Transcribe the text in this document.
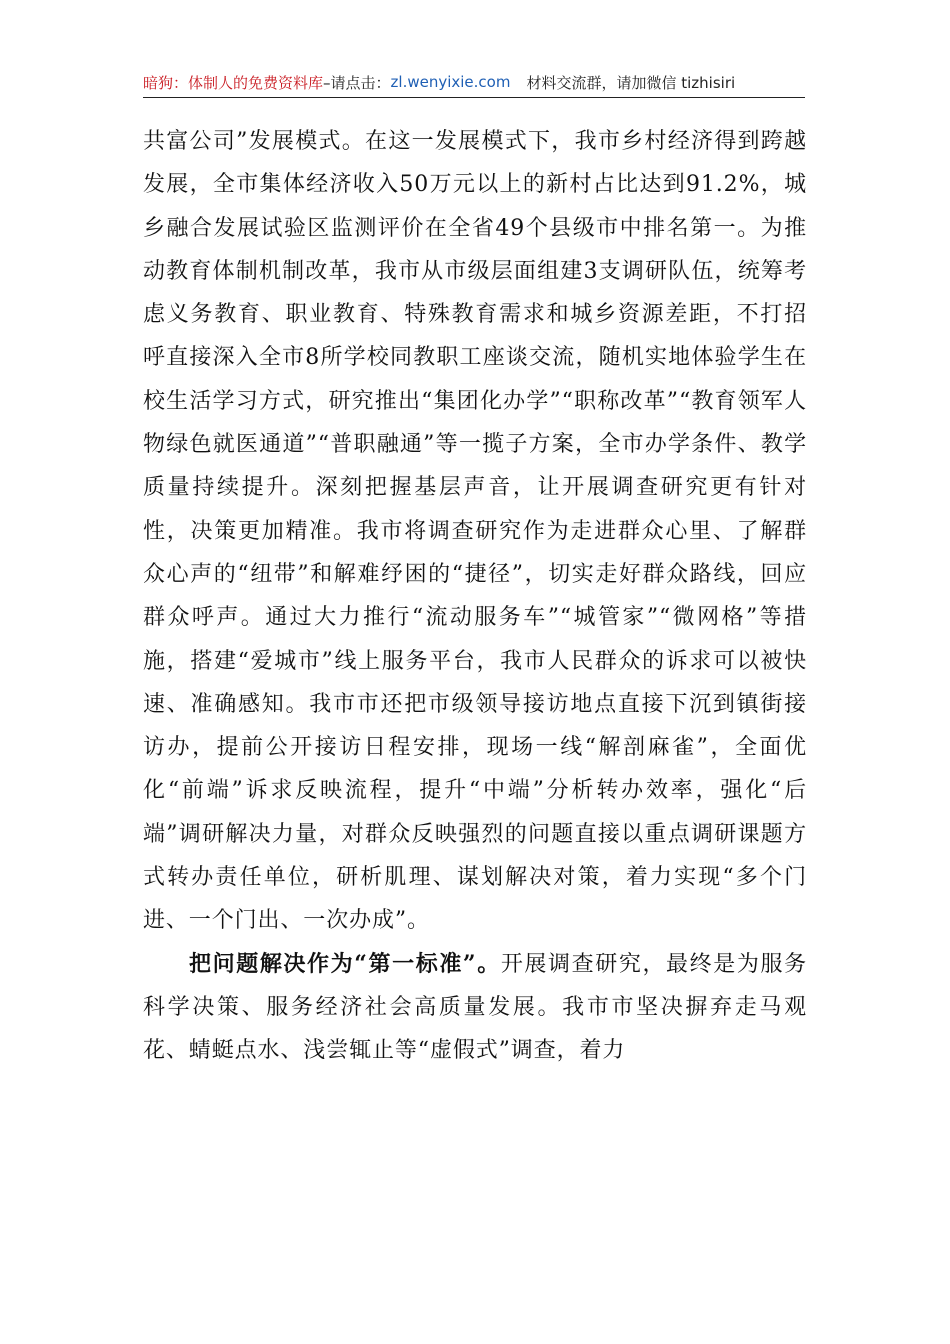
暗狗：体制人的免费资料库 –请点击： zl.wenyixie.com 材料交流群，请加微信 tizhisiri

共富公司”发展模式。在这一发展模式下，我市乡村经济得到跨越发展，全市集体经济收入50万元以上的新村占比达到91.2%，城乡融合发展试验区监测评价在全省49个县级市中排名第一。为推动教育体制机制改革，我市从市级层面组建3支调研队伍，统筹考虑义务教育、职业教育、特殊教育需求和城乡资源差距，不打招呼直接深入全市8所学校同教职工座谈交流，随机实地体验学生在校生活学习方式，研究推出“集团化办学”“职称改革”“教育领军人物绿色就医通道”“普职融通”等一揽子方案，全市办学条件、教学质量持续提升。深刻把握基层声音，让开展调查研究更有针对性，决策更加精准。我市将调查研究作为走进群众心里、了解群众心声的“纽带”和解难纾困的“捷径”，切实走好群众路线，回应群众呼声。通过大力推行“流动服务车”“城管家”“微网格”等措施，搭建“爱城市”线上服务平台，我市人民群众的诉求可以被快速、准确感知。我市市还把市级领导接访地点直接下沉到镇街接访办，提前公开接访日程安排，现场一线“解剖麻雀”，全面优化“前端”诉求反映流程，提升“中端”分析转办效率，强化“后端”调研解决力量，对群众反映强烈的问题直接以重点调研课题方式转办责任单位，研析肌理、谋划解决对策，着力实现“多个门进、一个门出、一次办成”。

把问题解决作为“第一标准”。开展调查研究，最终是为服务科学决策、服务经济社会高质量发展。我市市坚决摒弃走马观花、蜻蜓点水、浅尝辄止等“虚假式”调查，着力
